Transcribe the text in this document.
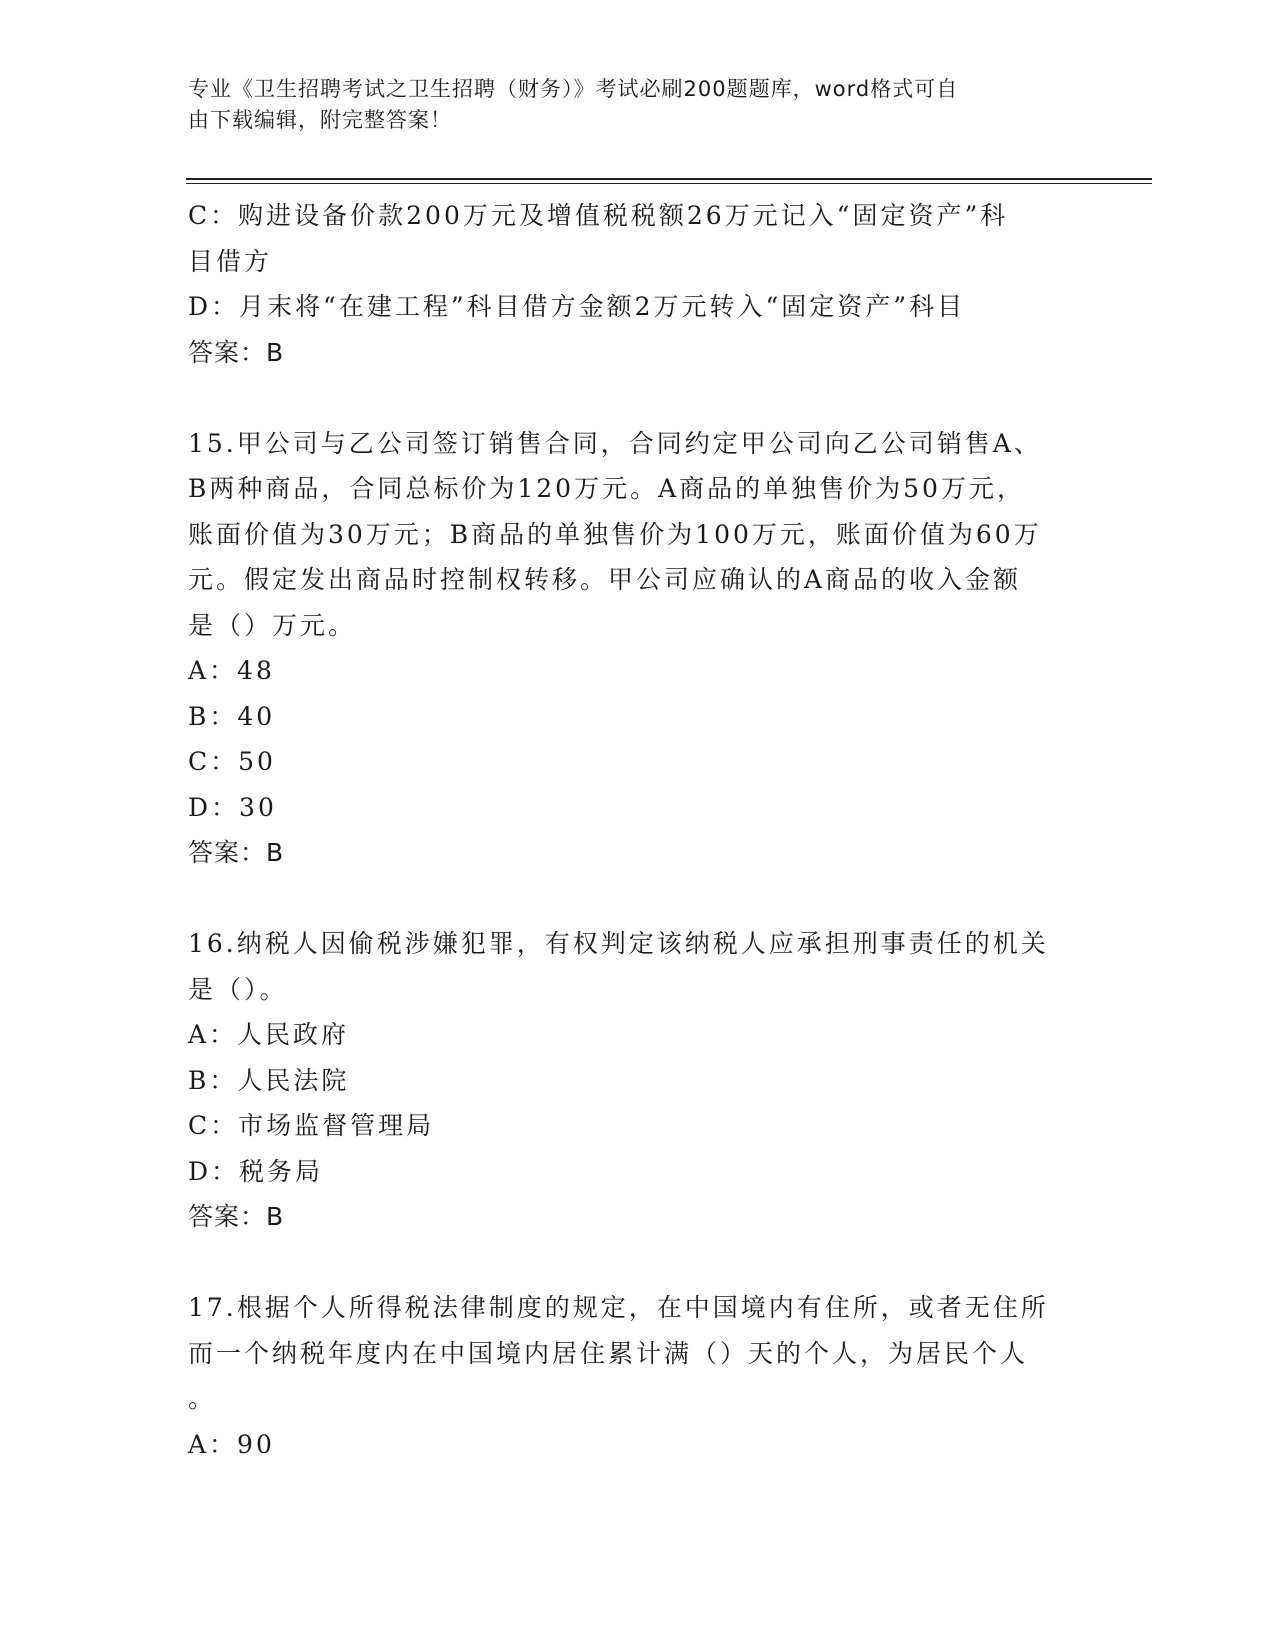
专业《卫生招聘考试之卫生招聘（财务）》考试必刷200题题库，word格式可自
由下载编辑，附完整答案！
C：购进设备价款200万元及增值税税额26万元记入“固定资产”科
目借方
D：月末将“在建工程”科目借方金额2万元转入“固定资产”科目
答案：B
15.甲公司与乙公司签订销售合同，合同约定甲公司向乙公司销售A、
B两种商品，合同总标价为120万元。A商品的单独售价为50万元，
账面价值为30万元；B商品的单独售价为100万元，账面价值为60万
元。假定发出商品时控制权转移。甲公司应确认的A商品的收入金额
是（）万元。
A：48
B：40
C：50
D：30
答案：B
16.纳税人因偷税涉嫌犯罪，有权判定该纳税人应承担刑事责任的机关
是（）。
A：人民政府
B：人民法院
C：市场监督管理局
D：税务局
答案：B
17.根据个人所得税法律制度的规定，在中国境内有住所，或者无住所
而一个纳税年度内在中国境内居住累计满（）天的个人，为居民个人
。
A：90
